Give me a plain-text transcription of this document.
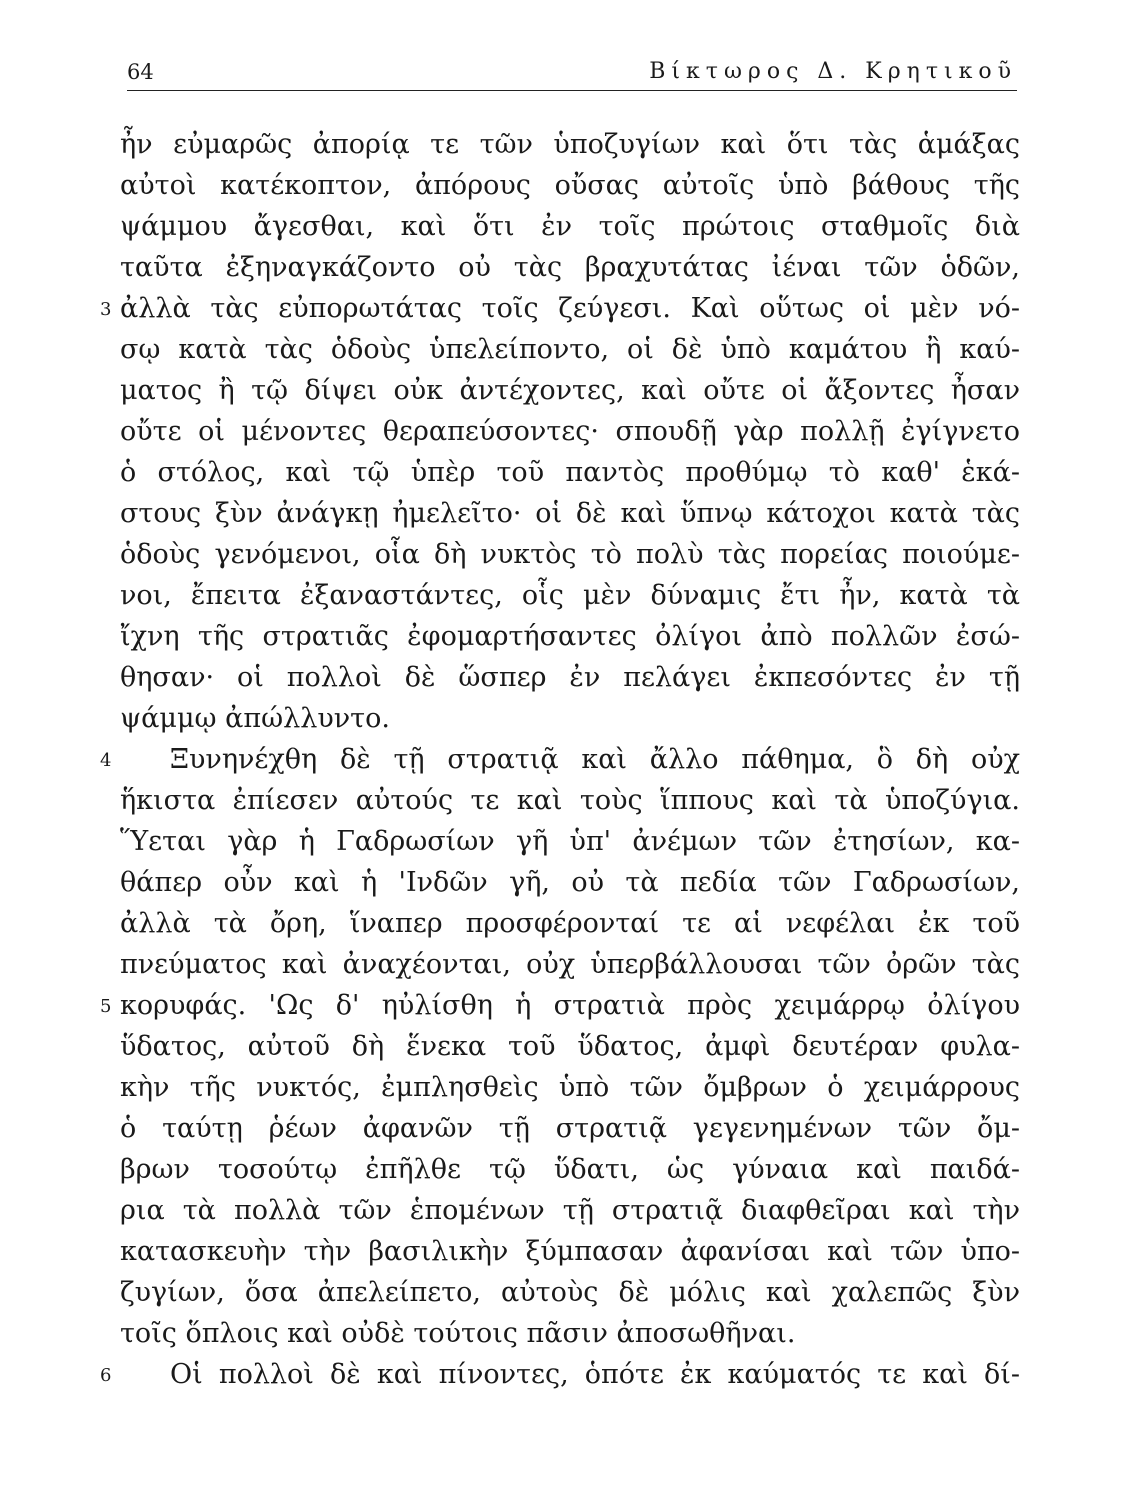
64	Βίκτωρος Δ. Κρητικοῦ
ἦν εὐμαρῶς ἀπορίᾳ τε τῶν ὑποζυγίων καὶ ὅτι τὰς ἁμάξας
αὐτοὶ κατέκοπτον, ἀπόρους οὔσας αὐτοῖς ὑπὸ βάθους τῆς
ψάμμου ἄγεσθαι, καὶ ὅτι ἐν τοῖς πρώτοις σταθμοῖς διὰ
ταῦτα ἐξηναγκάζοντο οὐ τὰς βραχυτάτας ἰέναι τῶν ὁδῶν,
3 ἀλλὰ τὰς εὐπορωτάτας τοῖς ζεύγεσι. Καὶ οὕτως οἱ μὲν νό-
σῳ κατὰ τὰς ὁδοὺς ὑπελείποντο, οἱ δὲ ὑπὸ καμάτου ἢ καύ-
ματος ἢ τῷ δίψει οὐκ ἀντέχοντες, καὶ οὔτε οἱ ἄξοντες ἦσαν
οὔτε οἱ μένοντες θεραπεύσοντες· σπουδῇ γὰρ πολλῇ ἐγίγνετο
ὁ στόλος, καὶ τῷ ὑπὲρ τοῦ παντὸς προθύμῳ τὸ καθ' ἑκά-
στους ξὺν ἀνάγκῃ ἠμελεῖτο· οἱ δὲ καὶ ὕπνῳ κάτοχοι κατὰ τὰς
ὁδοὺς γενόμενοι, οἷα δὴ νυκτὸς τὸ πολὺ τὰς πορείας ποιούμε-
νοι, ἔπειτα ἐξαναστάντες, οἷς μὲν δύναμις ἔτι ἦν, κατὰ τὰ
ἴχνη τῆς στρατιᾶς ἐφομαρτήσαντες ὀλίγοι ἀπὸ πολλῶν ἐσώ-
θησαν· οἱ πολλοὶ δὲ ὥσπερ ἐν πελάγει ἐκπεσόντες ἐν τῇ
ψάμμῳ ἀπώλλυντο.
4 Ξυνηνέχθη δὲ τῇ στρατιᾷ καὶ ἄλλο πάθημα, ὃ δὴ οὐχ
ἥκιστα ἐπίεσεν αὐτούς τε καὶ τοὺς ἵππους καὶ τὰ ὑποζύγια.
Ὕεται γὰρ ἡ Γαδρωσίων γῆ ὑπ' ἀνέμων τῶν ἐτησίων, κα-
θάπερ οὖν καὶ ἡ 'Ινδῶν γῆ, οὐ τὰ πεδία τῶν Γαδρωσίων,
ἀλλὰ τὰ ὄρη, ἵναπερ προσφέρονταί τε αἱ νεφέλαι ἐκ τοῦ
πνεύματος καὶ ἀναχέονται, οὐχ ὑπερβάλλουσαι τῶν ὀρῶν τὰς
5 κορυφάς. 'Ως δ' ηὐλίσθη ἡ στρατιὰ πρὸς χειμάρρῳ ὀλίγου
ὕδατος, αὐτοῦ δὴ ἕνεκα τοῦ ὕδατος, ἀμφὶ δευτέραν φυλα-
κὴν τῆς νυκτός, ἐμπλησθεὶς ὑπὸ τῶν ὄμβρων ὁ χειμάρρους
ὁ ταύτῃ ῥέων ἀφανῶν τῇ στρατιᾷ γεγενημένων τῶν ὄμ-
βρων τοσούτῳ ἐπῆλθε τῷ ὕδατι, ὡς γύναια καὶ παιδά-
ρια τὰ πολλὰ τῶν ἑπομένων τῇ στρατιᾷ διαφθεῖραι καὶ τὴν
κατασκευὴν τὴν βασιλικὴν ξύμπασαν ἀφανίσαι καὶ τῶν ὑπο-
ζυγίων, ὅσα ἀπελείπετο, αὐτοὺς δὲ μόλις καὶ χαλεπῶς ξὺν
τοῖς ὅπλοις καὶ οὐδὲ τούτοις πᾶσιν ἀποσωθῆναι.
6 Οἱ πολλοὶ δὲ καὶ πίνοντες, ὁπότε ἐκ καύματός τε καὶ δί-
